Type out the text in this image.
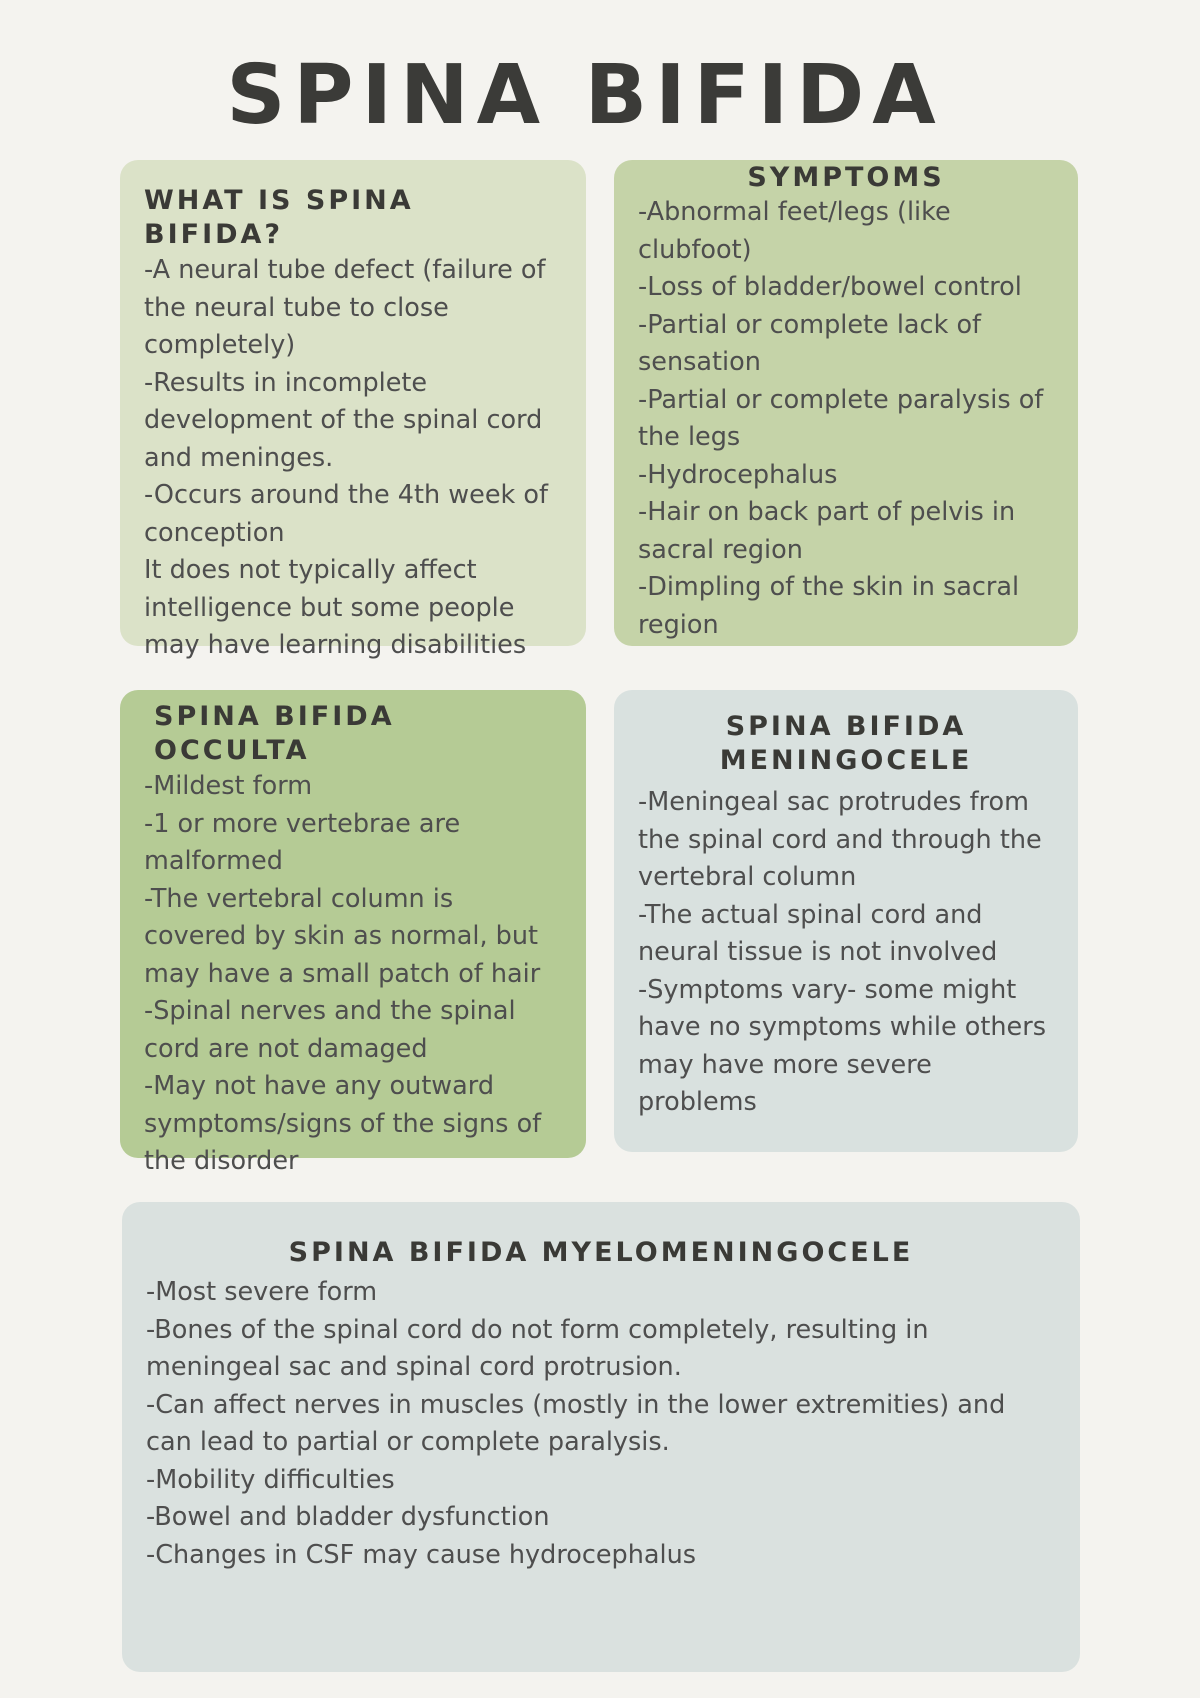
SPINA BIFIDA
WHAT IS SPINA BIFIDA?

-A neural tube defect (failure of
the neural tube to close
completely)
-Results in incomplete
development of the spinal cord
and meninges.
-Occurs around the 4th week of
conception
It does not typically affect
intelligence but some people
may have learning disabilities

SYMPTOMS

-Abnormal feet/legs (like
clubfoot)
-Loss of bladder/bowel control
-Partial or complete lack of
sensation
-Partial or complete paralysis of
the legs
-Hydrocephalus
-Hair on back part of pelvis in
sacral region
-Dimpling of the skin in sacral
region

SPINA BIFIDA OCCULTA

-Mildest form
-1 or more vertebrae are
malformed
-The vertebral column is
covered by skin as normal, but
may have a small patch of hair
-Spinal nerves and the spinal
cord are not damaged
-May not have any outward
symptoms/signs of the signs of
the disorder

SPINA BIFIDA
MENINGOCELE

-Meningeal sac protrudes from
the spinal cord and through the
vertebral column
-The actual spinal cord and
neural tissue is not involved
-Symptoms vary- some might
have no symptoms while others
may have more severe
problems

SPINA BIFIDA MYELOMENINGOCELE

-Most severe form
-Bones of the spinal cord do not form completely, resulting in
meningeal sac and spinal cord protrusion.
-Can affect nerves in muscles (mostly in the lower extremities) and
can lead to partial or complete paralysis.
-Mobility difficulties
-Bowel and bladder dysfunction
-Changes in CSF may cause hydrocephalus
